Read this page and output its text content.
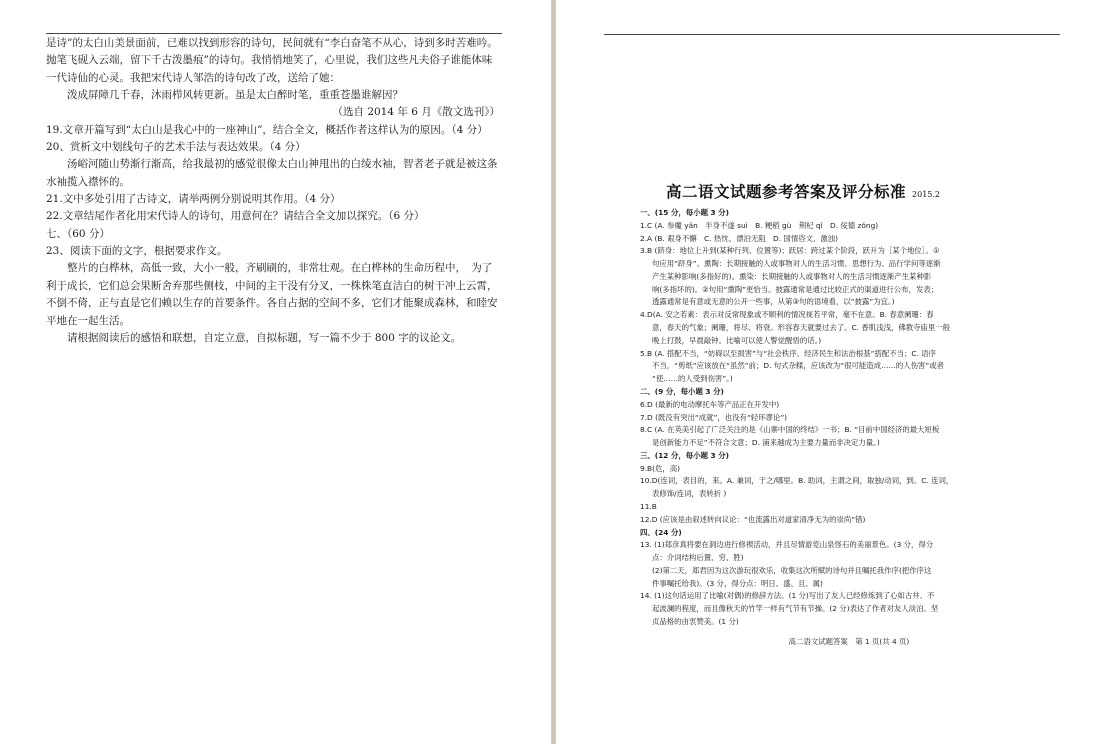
是诗”的太白山美景面前，已难以找到形容的诗句，民间就有“李白奋笔不从心，诗到多时苦难吟。

抛笔飞砚入云端，留下千古泼墨痕”的诗句。我悄悄地笑了，心里说，我们这些凡夫俗子谁能体味

一代诗仙的心灵。我把宋代诗人邹浩的诗句改了改，送给了她：

泼成屏障几千春，沐雨栉风转更新。虽是太白醉时笔，重重苍墨谁解因？

（选自 2014 年 6 月《散文选刊》）

19.文章开篇写到“太白山是我心中的一座神山”，结合全文，概括作者这样认为的原因。（4 分）

20、赏析文中划线句子的艺术手法与表达效果。（4 分）

汤峪河随山势渐行渐高，给我最初的感觉很像太白山神甩出的白绫水袖，智者老子就是被这条

水袖揽入襟怀的。

21.文中多处引用了古诗文，请举两例分别说明其作用。（4 分）

22.文章结尾作者化用宋代诗人的诗句，用意何在？请结合全文加以探究。（6 分）

七、（60 分）

23、阅读下面的文字，根据要求作文。

整片的白桦林，高低一致，大小一般，齐刷刷的，非常壮观。在白桦林的生命历程中，　为了

利于成长，它们总会果断舍弃那些侧枝，中间的主干没有分叉，一株株笔直洁白的树干冲上云霄，

不倒不倚，正与直是它们赖以生存的首要条件。各自占据的空间不多，它们才能聚成森林，和睦安

平地在一起生活。

请根据阅读后的感悟和联想，自定立意，自拟标题，写一篇不少于 800 字的议论文。

高二语文试题参考答案及评分标准 2015.2

一、(15 分，每小题 3 分)

1.C (A. 参魔 yǎn　半身不遂 suì　B. 粳稻 gù　荆杞 qǐ　D. 佞德 zǒng)

2.A (B. 艰身不懈　C. 热忱、漂泊无阻　D. 国情咨文、激浊)

3.B (跻身：地位上升到(某种行列、位置等)；跃居：跨过某个阶段，跃升为［某个地位］。①

句应用“跻身”。熏陶：长期接触的人或事物对人的生活习惯、思想行为、品行学问等逐渐

产生某种影响(多指好的)。熏染：长期接触的人或事物对人的生活习惯逐渐产生某种影

响(多指坏的)。②句用“熏陶”更恰当。披露通常是通过比较正式的渠道进行公布，发表；

透露通常是有意或无意的公开一些事，从第③句的语境看，以“披露”为宜。)

4.D(A. 安之若素：表示对反常现象或不顺利的情况视若平常，毫不在意。B. 春意阑珊：春

意，春天的气象；阑珊，将尽、将衰。形容春天就要过去了。C. 香肌浅浅，佛教寺庙里一般

晚上打鼓，早晨敲钟。比喻可以使人警觉醒悟的话。)

5.B (A. 搭配不当，“妨碍以至损害”与“社会秩序、经济民生和法治根基”搭配不当；C. 语序

不当，“剪纸”应该放在“虽然”前；D. 句式杂糅，应该改为“很可能造成……的人伤害”或者

“使……的人受到伤害”。)

二、(9 分，每小题 3 分)

6.D (最新的电动摩托车等产品正在开发中)

7.D (既没有突出“成就”，也没有“轻环谬论”)

8.C (A. 在英美引起了广泛关注的是《山寨中国的终结》一书；B. “目前中国经济的最大短板

是创新能力不足”不符合文意；D. 浦来越成为主要力量而非决定力量。)

三、(12 分，每小题 3 分)

9.B(危，高)

10.D(连词，表目的，来。A. 兼词，于之/哪里。B. 助词，主谓之间，取独/动词，到。C. 连词，

表修饰/连词，表转折 )

11.B

12.D (应该是由叙述转向议论：“也流露出对道家清净无为的崇尚”错)

四、(24 分)

13. (1)郑彦真将要在洞边进行修禊活动，并且尽情游览山泉怪石的美丽景色。(3 分，得分

点：介词结构后置、穷、胜)

(2)第二天，郑君因为这次游玩很欢乐，收集这次所赋的诗句并且嘱托我作序(把作序这

件事嘱托给我)。(3 分，得分点：明日、盛、且、属)

14. (1)这句话运用了比喻(对偶)的修辞方法。(1 分)写出了友人已经修炼到了心如古井、不

起波澜的程度，而且像秋天的竹竿一样有气节有节操。(2 分)表达了作者对友人淡泊、坚

贞品格的由衷赞美。(1 分)

高二语文试题答案　第 1 页(共 4 页)
